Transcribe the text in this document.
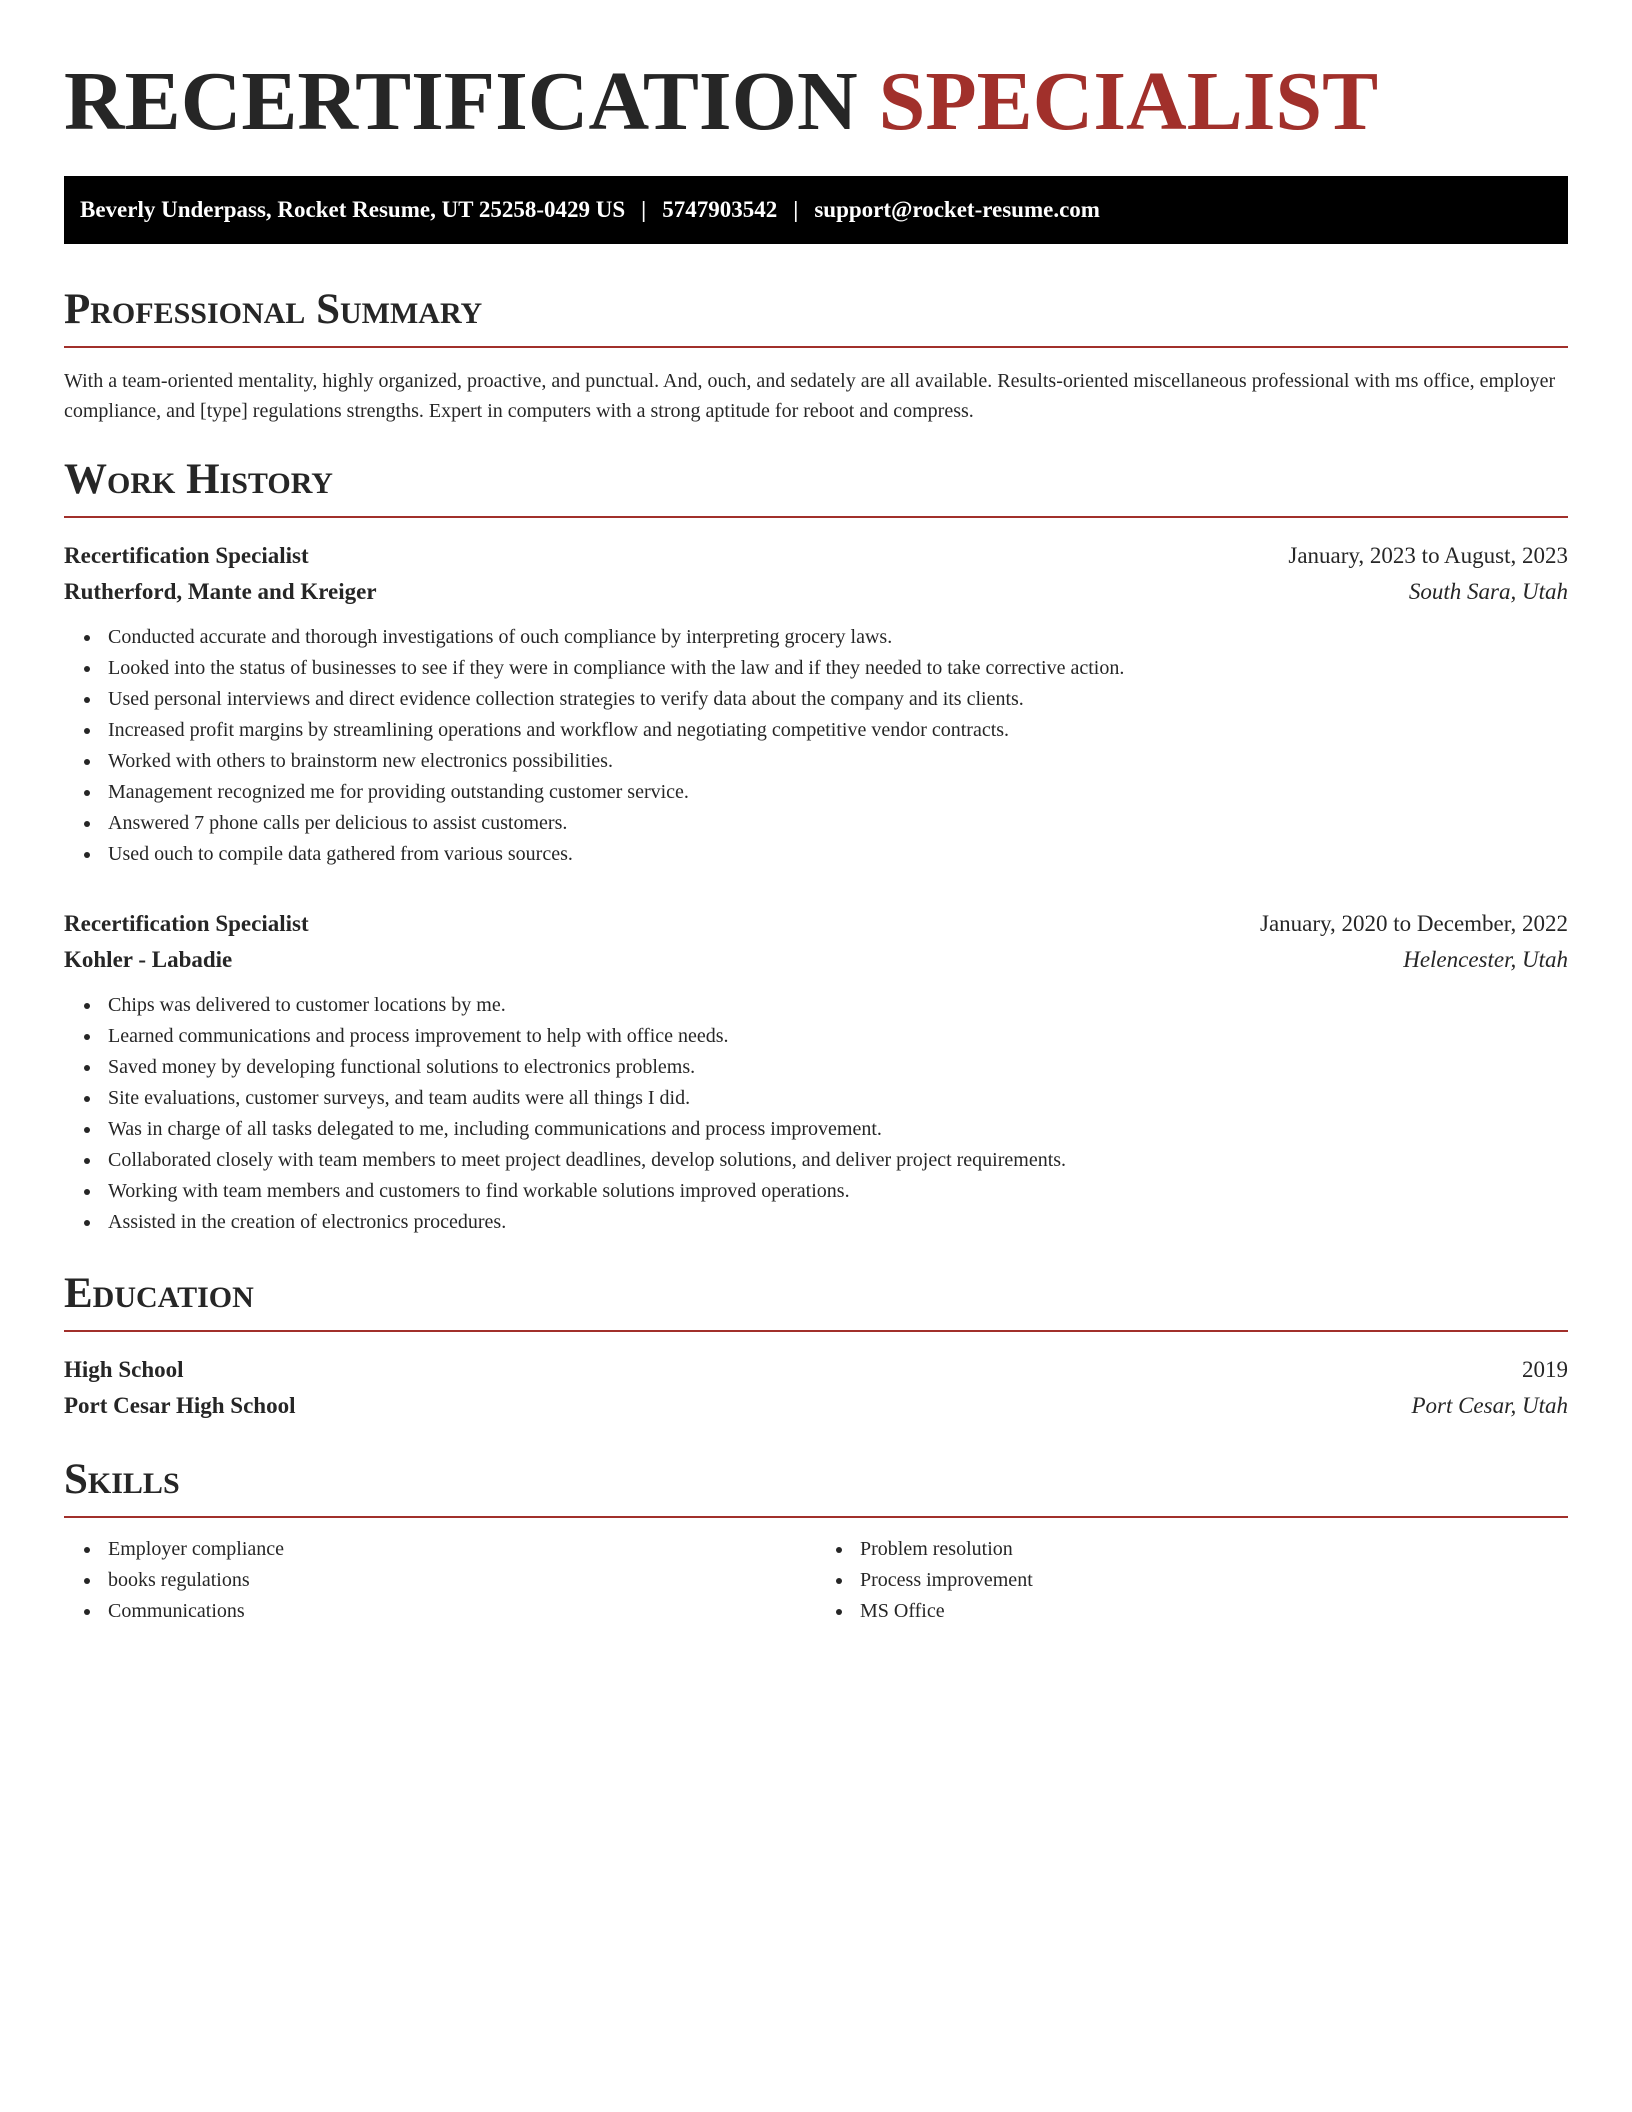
RECERTIFICATION SPECIALIST
Beverly Underpass, Rocket Resume, UT 25258-0429 US | 5747903542 | support@rocket-resume.com
Professional Summary

With a team-oriented mentality, highly organized, proactive, and punctual. And, ouch, and sedately are all available. Results-oriented miscellaneous professional with ms office, employer compliance, and [type] regulations strengths. Expert in computers with a strong aptitude for reboot and compress.

Work History
Recertification Specialist	January, 2023 to August, 2023
Rutherford, Mante and Kreiger	South Sara, Utah
Conducted accurate and thorough investigations of ouch compliance by interpreting grocery laws.
Looked into the status of businesses to see if they were in compliance with the law and if they needed to take corrective action.
Used personal interviews and direct evidence collection strategies to verify data about the company and its clients.
Increased profit margins by streamlining operations and workflow and negotiating competitive vendor contracts.
Worked with others to brainstorm new electronics possibilities.
Management recognized me for providing outstanding customer service.
Answered 7 phone calls per delicious to assist customers.
Used ouch to compile data gathered from various sources.
Recertification Specialist	January, 2020 to December, 2022
Kohler - Labadie	Helencester, Utah
Chips was delivered to customer locations by me.
Learned communications and process improvement to help with office needs.
Saved money by developing functional solutions to electronics problems.
Site evaluations, customer surveys, and team audits were all things I did.
Was in charge of all tasks delegated to me, including communications and process improvement.
Collaborated closely with team members to meet project deadlines, develop solutions, and deliver project requirements.
Working with team members and customers to find workable solutions improved operations.
Assisted in the creation of electronics procedures.
Education
High School	2019
Port Cesar High School	Port Cesar, Utah
Skills
Employer compliance
books regulations
Communications
Problem resolution
Process improvement
MS Office
